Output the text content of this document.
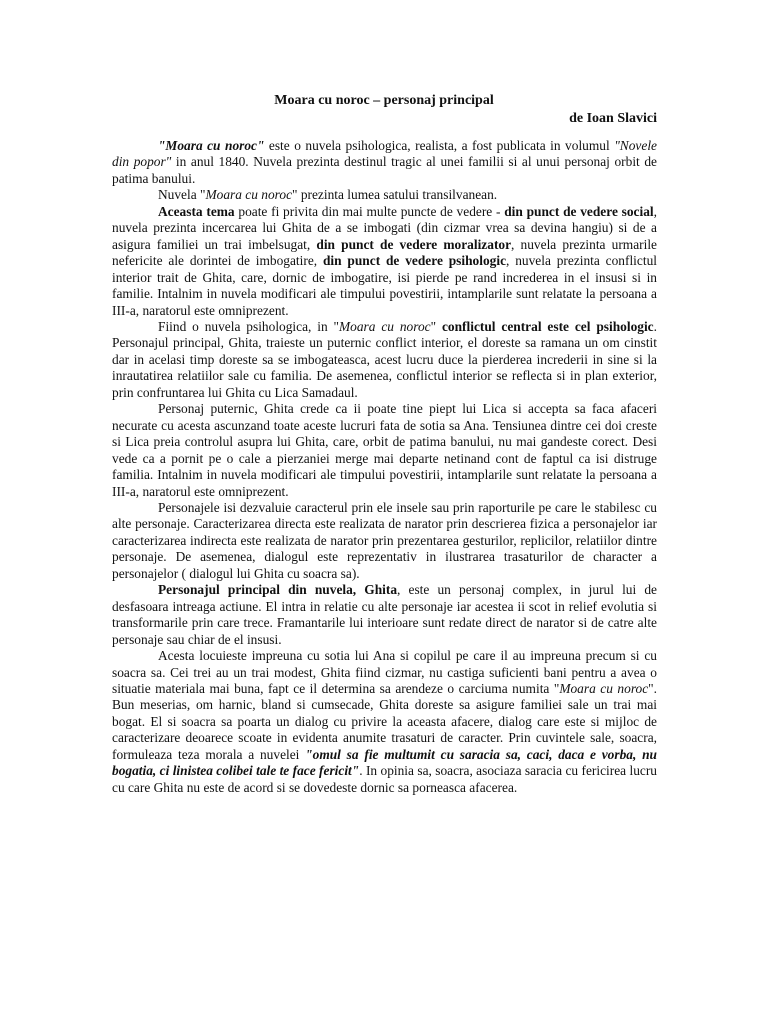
Moara cu noroc – personaj principal
de Ioan Slavici

"Moara cu noroc" este o nuvela psihologica, realista, a fost publicata in volumul "Novele din popor" in anul 1840. Nuvela prezinta destinul tragic al unei familii si al unui personaj orbit de patima banului.

Nuvela "Moara cu noroc" prezinta lumea satului transilvanean.

Aceasta tema poate fi privita din mai multe puncte de vedere - din punct de vedere social, nuvela prezinta incercarea lui Ghita de a se imbogati (din cizmar vrea sa devina hangiu) si de a asigura familiei un trai imbelsugat, din punct de vedere moralizator, nuvela prezinta urmarile nefericite ale dorintei de imbogatire, din punct de vedere psihologic, nuvela prezinta conflictul interior trait de Ghita, care, dornic de imbogatire, isi pierde pe rand increderea in el insusi si in familie. Intalnim in nuvela modificari ale timpului povestirii, intamplarile sunt relatate la persoana a III-a, naratorul este omniprezent.

Fiind o nuvela psihologica, in "Moara cu noroc" conflictul central este cel psihologic. Personajul principal, Ghita, traieste un puternic conflict interior, el doreste sa ramana un om cinstit dar in acelasi timp doreste sa se imbogateasca, acest lucru duce la pierderea increderii in sine si la inrautatirea relatiilor sale cu familia. De asemenea, conflictul interior se reflecta si in plan exterior, prin confruntarea lui Ghita cu Lica Samadaul.

Personaj puternic, Ghita crede ca ii poate tine piept lui Lica si accepta sa faca afaceri necurate cu acesta ascunzand toate aceste lucruri fata de sotia sa Ana. Tensiunea dintre cei doi creste si Lica preia controlul asupra lui Ghita, care, orbit de patima banului, nu mai gandeste corect. Desi vede ca a pornit pe o cale a pierzaniei merge mai departe netinand cont de faptul ca isi distruge familia. Intalnim in nuvela modificari ale timpului povestirii, intamplarile sunt relatate la persoana a III-a, naratorul este omniprezent.

Personajele isi dezvaluie caracterul prin ele insele sau prin raporturile pe care le stabilesc cu alte personaje. Caracterizarea directa este realizata de narator prin descrierea fizica a personajelor iar caracterizarea indirecta este realizata de narator prin prezentarea gesturilor, replicilor, relatiilor dintre personaje. De asemenea, dialogul este reprezentativ in ilustrarea trasaturilor de character a personajelor ( dialogul lui Ghita cu soacra sa).

Personajul principal din nuvela, Ghita, este un personaj complex, in jurul lui de desfasoara intreaga actiune. El intra in relatie cu alte personaje iar acestea ii scot in relief evolutia si transformarile prin care trece. Framantarile lui interioare sunt redate direct de narator si de catre alte personaje sau chiar de el insusi.

Acesta locuieste impreuna cu sotia lui Ana si copilul pe care il au impreuna precum si cu soacra sa. Cei trei au un trai modest, Ghita fiind cizmar, nu castiga suficienti bani pentru a avea o situatie materiala mai buna, fapt ce il determina sa arendeze o carciuma numita "Moara cu noroc". Bun meserias, om harnic, bland si cumsecade, Ghita doreste sa asigure familiei sale un trai mai bogat. El si soacra sa poarta un dialog cu privire la aceasta afacere, dialog care este si mijloc de caracterizare deoarece scoate in evidenta anumite trasaturi de caracter. Prin cuvintele sale, soacra, formuleaza teza morala a nuvelei "omul sa fie multumit cu saracia sa, caci, daca e vorba, nu bogatia, ci linistea colibei tale te face fericit". In opinia sa, soacra, asociaza saracia cu fericirea lucru cu care Ghita nu este de acord si se dovedeste dornic sa porneasca afacerea.
